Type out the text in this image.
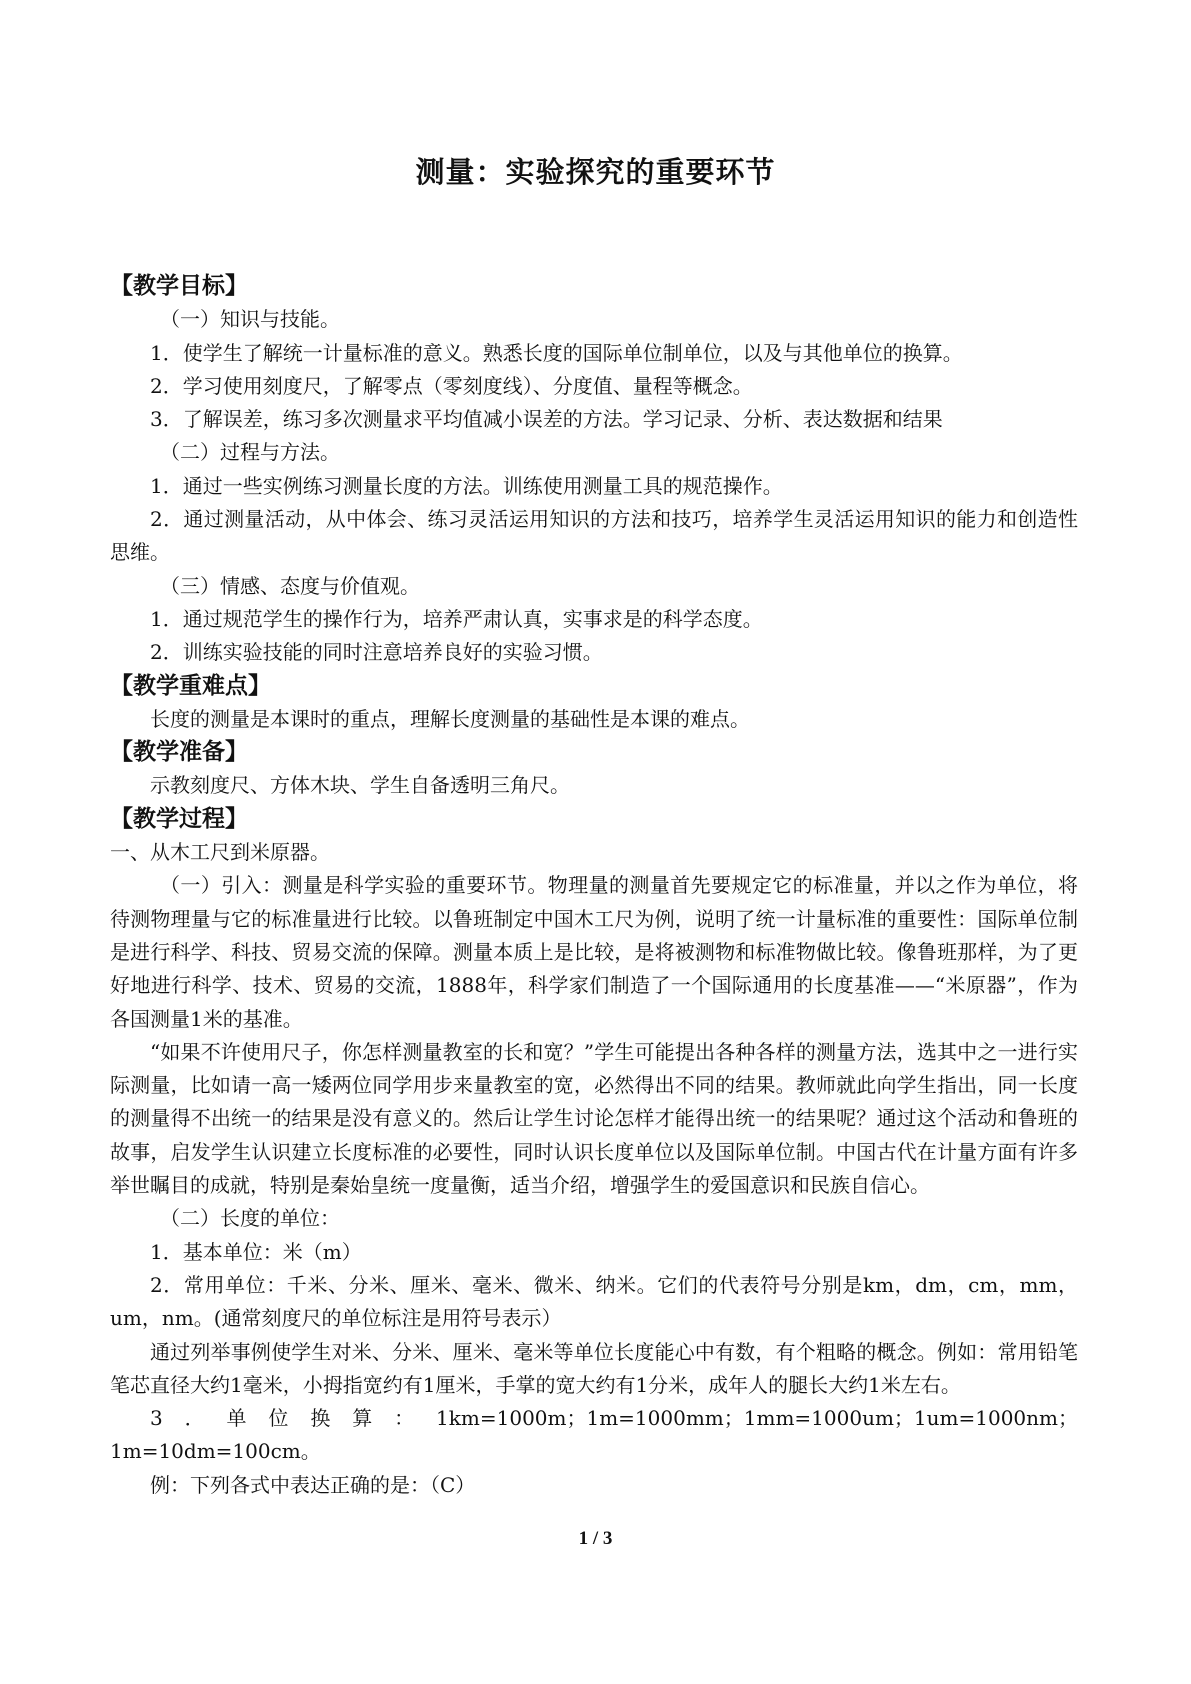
测量：实验探究的重要环节

【教学目标】

（一）知识与技能。

1．使学生了解统一计量标准的意义。熟悉长度的国际单位制单位，以及与其他单位的换算。

2．学习使用刻度尺，了解零点（零刻度线）、分度值、量程等概念。

3．了解误差，练习多次测量求平均值减小误差的方法。学习记录、分析、表达数据和结果

（二）过程与方法。

1．通过一些实例练习测量长度的方法。训练使用测量工具的规范操作。

2．通过测量活动，从中体会、练习灵活运用知识的方法和技巧，培养学生灵活运用知识的能力和创造性思维。

（三）情感、态度与价值观。

1．通过规范学生的操作行为，培养严肃认真，实事求是的科学态度。

2．训练实验技能的同时注意培养良好的实验习惯。

【教学重难点】

长度的测量是本课时的重点，理解长度测量的基础性是本课的难点。

【教学准备】

示教刻度尺、方体木块、学生自备透明三角尺。

【教学过程】

一、从木工尺到米原器。

（一）引入：测量是科学实验的重要环节。物理量的测量首先要规定它的标准量，并以之作为单位，将待测物理量与它的标准量进行比较。以鲁班制定中国木工尺为例，说明了统一计量标准的重要性：国际单位制是进行科学、科技、贸易交流的保障。测量本质上是比较，是将被测物和标准物做比较。像鲁班那样，为了更好地进行科学、技术、贸易的交流，1888年，科学家们制造了一个国际通用的长度基准——“米原器”，作为各国测量1米的基准。

“如果不许使用尺子，你怎样测量教室的长和宽？”学生可能提出各种各样的测量方法，选其中之一进行实际测量，比如请一高一矮两位同学用步来量教室的宽，必然得出不同的结果。教师就此向学生指出，同一长度的测量得不出统一的结果是没有意义的。然后让学生讨论怎样才能得出统一的结果呢？通过这个活动和鲁班的故事，启发学生认识建立长度标准的必要性，同时认识长度单位以及国际单位制。中国古代在计量方面有许多举世瞩目的成就，特别是秦始皇统一度量衡，适当介绍，增强学生的爱国意识和民族自信心。

（二）长度的单位：

1．基本单位：米（m）

2．常用单位：千米、分米、厘米、毫米、微米、纳米。它们的代表符号分别是km，dm，cm，mm，um，nm。(通常刻度尺的单位标注是用符号表示）

通过列举事例使学生对米、分米、厘米、毫米等单位长度能心中有数，有个粗略的概念。例如：常用铅笔笔芯直径大约1毫米，小拇指宽约有1厘米，手掌的宽大约有1分米，成年人的腿长大约1米左右。

3．单位换算：1km=1000m；1m=1000mm；1mm=1000um；1um=1000nm；1m=10dm=100cm。

例：下列各式中表达正确的是：（C）

1 / 3
